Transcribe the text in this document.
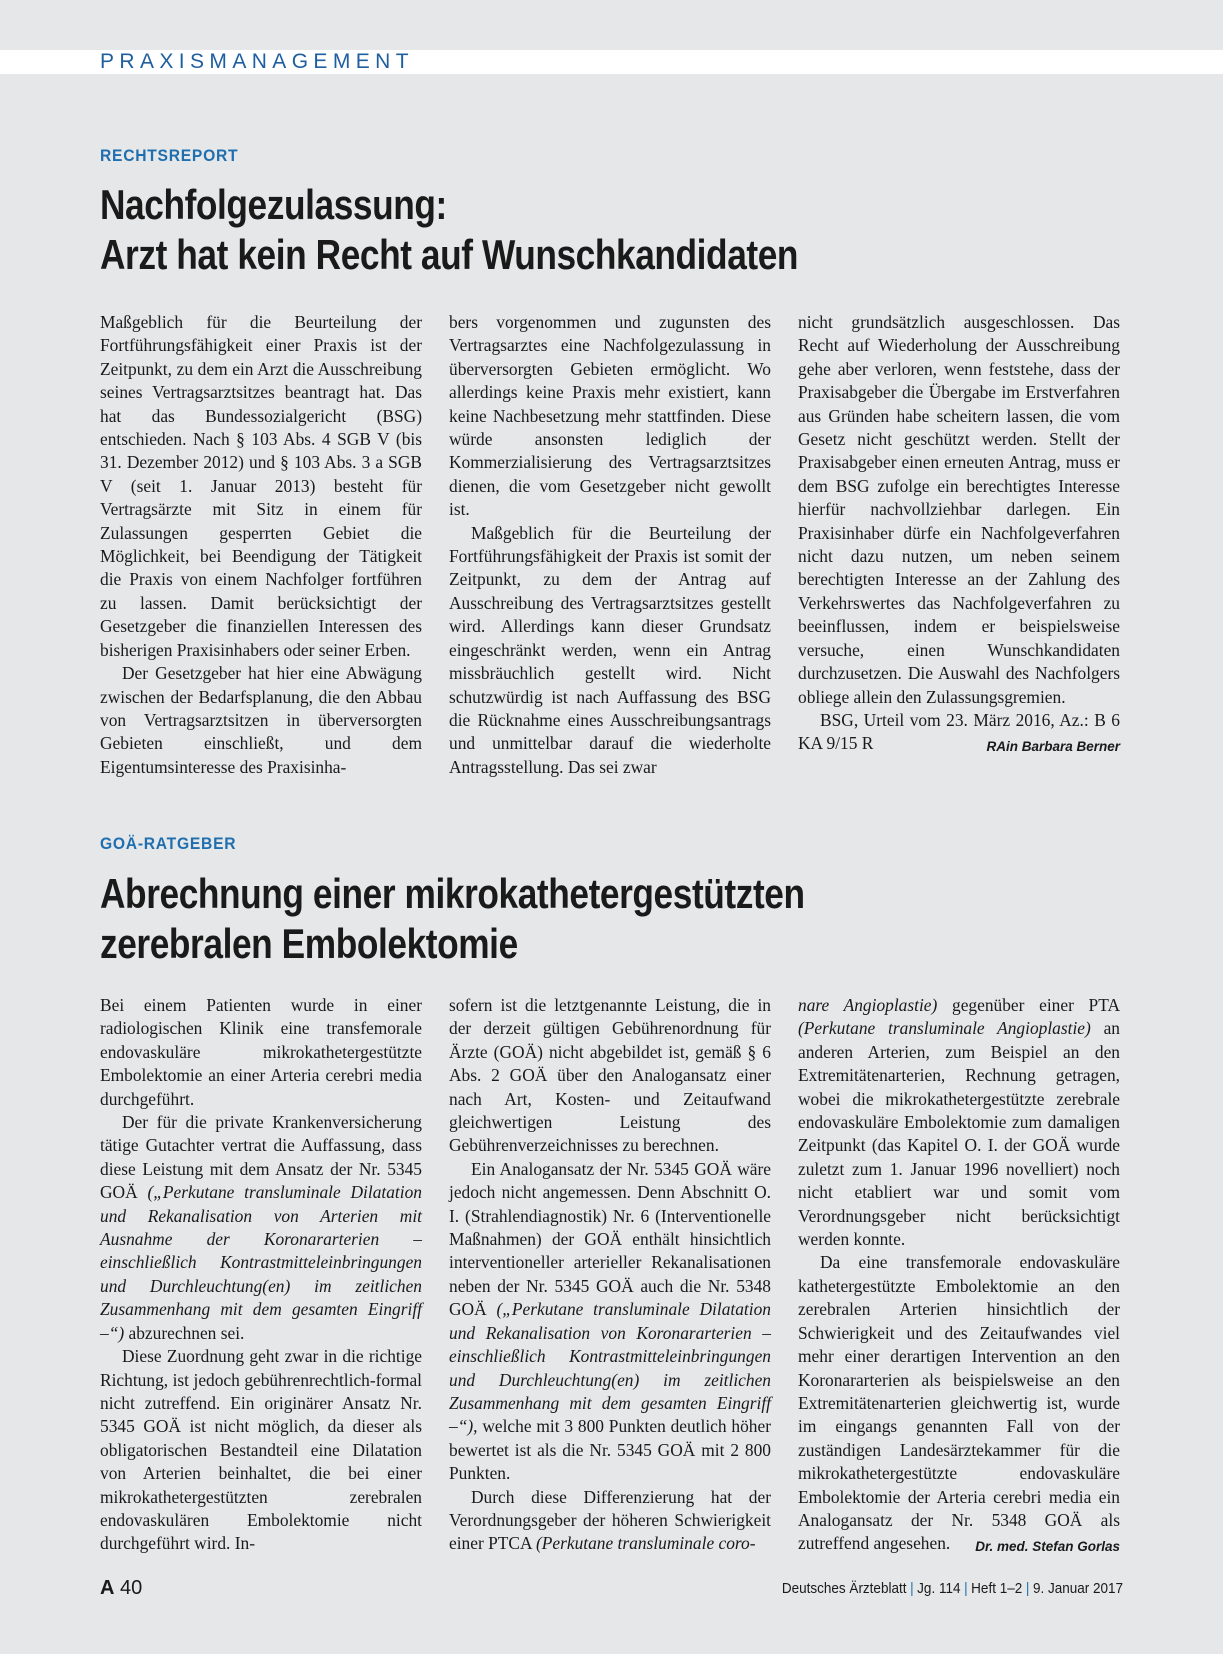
PRAXISMANAGEMENT
RECHTSREPORT
Nachfolgezulassung:
Arzt hat kein Recht auf Wunschkandidaten

Maßgeblich für die Beurteilung der Fortführungsfähigkeit einer Praxis ist der Zeitpunkt, zu dem ein Arzt die Ausschreibung seines Vertragsarztsitzes beantragt hat. Das hat das Bundessozialgericht (BSG) entschieden. Nach § 103 Abs. 4 SGB V (bis 31. Dezember 2012) und § 103 Abs. 3 a SGB V (seit 1. Januar 2013) besteht für Vertragsärzte mit Sitz in einem für Zulassungen gesperrten Gebiet die Möglichkeit, bei Beendigung der Tätigkeit die Praxis von einem Nachfolger fortführen zu lassen. Damit berücksichtigt der Gesetzgeber die finanziellen Interessen des bisherigen Praxisinhabers oder seiner Erben.

Der Gesetzgeber hat hier eine Abwägung zwischen der Bedarfsplanung, die den Abbau von Vertragsarztsitzen in überversorgten Gebieten einschließt, und dem Eigentumsinteresse des Praxisinha-

bers vorgenommen und zugunsten des Vertragsarztes eine Nachfolgezulassung in überversorgten Gebieten ermöglicht. Wo allerdings keine Praxis mehr existiert, kann keine Nachbesetzung mehr stattfinden. Diese würde ansonsten lediglich der Kommerzialisierung des Vertragsarztsitzes dienen, die vom Gesetzgeber nicht gewollt ist.

Maßgeblich für die Beurteilung der Fortführungsfähigkeit der Praxis ist somit der Zeitpunkt, zu dem der Antrag auf Ausschreibung des Vertragsarztsitzes gestellt wird. Allerdings kann dieser Grundsatz eingeschränkt werden, wenn ein Antrag missbräuchlich gestellt wird. Nicht schutzwürdig ist nach Auffassung des BSG die Rücknahme eines Ausschreibungsantrags und unmittelbar darauf die wiederholte Antragsstellung. Das sei zwar

nicht grundsätzlich ausgeschlossen. Das Recht auf Wiederholung der Ausschreibung gehe aber verloren, wenn feststehe, dass der Praxisabgeber die Übergabe im Erstverfahren aus Gründen habe scheitern lassen, die vom Gesetz nicht geschützt werden. Stellt der Praxisabgeber einen erneuten Antrag, muss er dem BSG zufolge ein berechtigtes Interesse hierfür nachvollziehbar darlegen. Ein Praxisinhaber dürfe ein Nachfolgeverfahren nicht dazu nutzen, um neben seinem berechtigten Interesse an der Zahlung des Verkehrswertes das Nachfolgeverfahren zu beeinflussen, indem er beispielsweise versuche, einen Wunschkandidaten durchzusetzen. Die Auswahl des Nachfolgers obliege allein den Zulassungsgremien.

BSG, Urteil vom 23. März 2016, Az.: B 6 KA 9/15 R	RAin Barbara Berner

GOÄ-RATGEBER
Abrechnung einer mikrokathetergestützten
zerebralen Embolektomie

Bei einem Patienten wurde in einer radiologischen Klinik eine transfemorale endovaskuläre mikrokathetergestützte Embolektomie an einer Arteria cerebri media durchgeführt.

Der für die private Krankenversicherung tätige Gutachter vertrat die Auffassung, dass diese Leistung mit dem Ansatz der Nr. 5345 GOÄ („Perkutane transluminale Dilatation und Rekanalisation von Arterien mit Ausnahme der Koronararterien – einschließlich Kontrastmitteleinbringungen und Durchleuchtung(en) im zeitlichen Zusammenhang mit dem gesamten Eingriff –“) abzurechnen sei.

Diese Zuordnung geht zwar in die richtige Richtung, ist jedoch gebührenrechtlich-formal nicht zutreffend. Ein originärer Ansatz Nr. 5345 GOÄ ist nicht möglich, da dieser als obligatorischen Bestandteil eine Dilatation von Arterien beinhaltet, die bei einer mikrokathetergestützten zerebralen endovaskulären Embolektomie nicht durchgeführt wird. In-

sofern ist die letztgenannte Leistung, die in der derzeit gültigen Gebührenordnung für Ärzte (GOÄ) nicht abgebildet ist, gemäß § 6 Abs. 2 GOÄ über den Analogansatz einer nach Art, Kosten- und Zeitaufwand gleichwertigen Leistung des Gebührenverzeichnisses zu berechnen.

Ein Analogansatz der Nr. 5345 GOÄ wäre jedoch nicht angemessen. Denn Abschnitt O. I. (Strahlendiagnostik) Nr. 6 (Interventionelle Maßnahmen) der GOÄ enthält hinsichtlich interventioneller arterieller Rekanalisationen neben der Nr. 5345 GOÄ auch die Nr. 5348 GOÄ („Perkutane transluminale Dilatation und Rekanalisation von Koronararterien – einschließlich Kontrastmitteleinbringungen und Durchleuchtung(en) im zeitlichen Zusammenhang mit dem gesamten Eingriff –“), welche mit 3 800 Punkten deutlich höher bewertet ist als die Nr. 5345 GOÄ mit 2 800 Punkten.

Durch diese Differenzierung hat der Verordnungsgeber der höheren Schwierigkeit einer PTCA (Perkutane transluminale coro-

nare Angioplastie) gegenüber einer PTA (Perkutane transluminale Angioplastie) an anderen Arterien, zum Beispiel an den Extremitätenarterien, Rechnung getragen, wobei die mikrokathetergestützte zerebrale endovaskuläre Embolektomie zum damaligen Zeitpunkt (das Kapitel O. I. der GOÄ wurde zuletzt zum 1. Januar 1996 novelliert) noch nicht etabliert war und somit vom Verordnungsgeber nicht berücksichtigt werden konnte.

Da eine transfemorale endovaskuläre kathetergestützte Embolektomie an den zerebralen Arterien hinsichtlich der Schwierigkeit und des Zeitaufwandes viel mehr einer derartigen Intervention an den Koronararterien als beispielsweise an den Extremitätenarterien gleichwertig ist, wurde im eingangs genannten Fall von der zuständigen Landesärztekammer für die mikrokathetergestützte endovaskuläre Embolektomie der Arteria cerebri media ein Analogansatz der Nr. 5348 GOÄ als zutreffend angesehen.	Dr. med. Stefan Gorlas

A 40	Deutsches Ärzteblatt | Jg. 114 | Heft 1–2 | 9. Januar 2017
